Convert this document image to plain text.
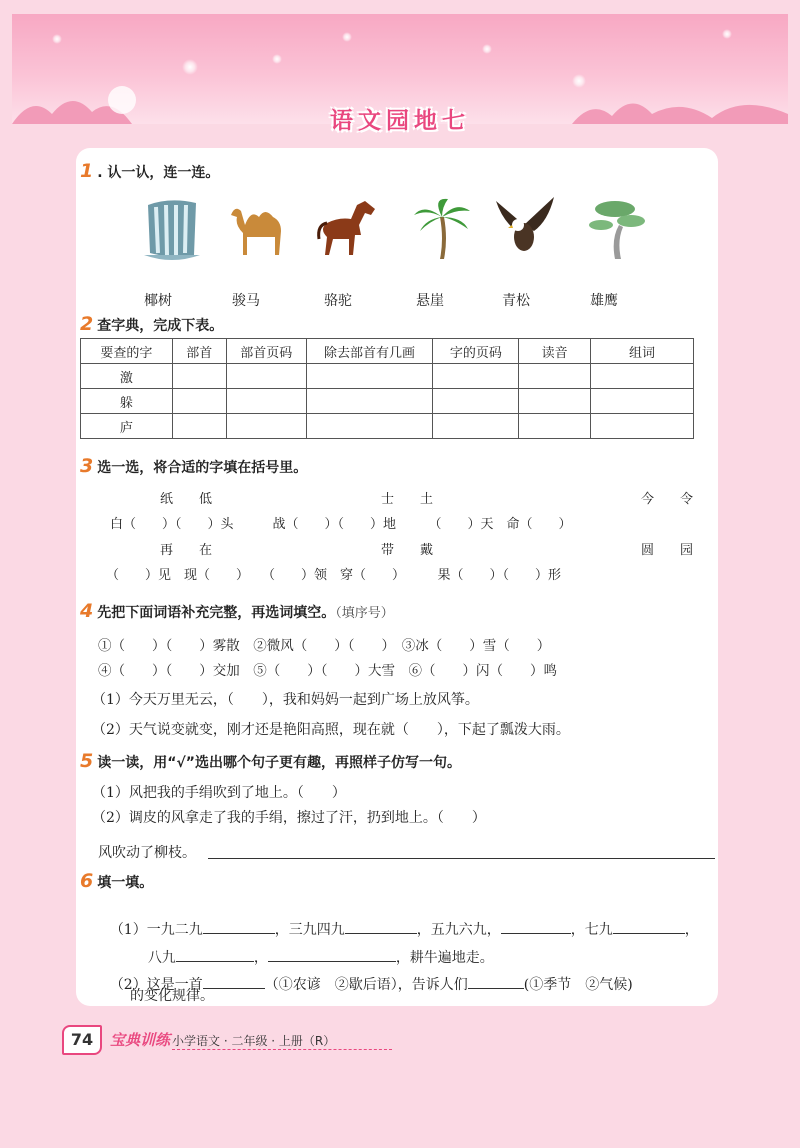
语文园地七
1 . 认一认，连一连。
椰树	骏马	骆驼	悬崖	青松	雄鹰
2 查字典，完成下表。
要查的字	部首	部首页码	除去部首有几画	字的页码	读音	组词
激						
躲						
庐						
3 选一选，将合适的字填在括号里。
纸　　低　　　　　　　　　　　　　士　　土　　　　　　　　　　　　　　　　今　　令
白（　　）（　　）头　　　战（　　）（　　）地　　　（　　）天　命（　　）
再　　在　　　　　　　　　　　　　带　　戴　　　　　　　　　　　　　　　　圆　　园
（　　）见　现（　　）　　（　　）领　穿（　　）　　　果（　　）（　　）形
4 先把下面词语补充完整，再选词填空。（填序号）
①（　　）（　　）雾散　②微风（　　）（　　）　③冰（　　）雪（　　）
④（　　）（　　）交加　⑤（　　）（　　）大雪　⑥（　　）闪（　　）鸣
（1）今天万里无云，（　　），我和妈妈一起到广场上放风筝。
（2）天气说变就变，刚才还是艳阳高照，现在就（　　），下起了瓢泼大雨。
5 读一读，用“√”选出哪个句子更有趣，再照样子仿写一句。
（1）风把我的手绢吹到了地上。（　　）
（2）调皮的风拿走了我的手绢，擦过了汗，扔到地上。（　　）
风吹动了柳枝。
6 填一填。

（1）一九二九	，三九四九	，五九六九，	，七九	，

八九	，	，耕牛遍地走。

（2）这是一首	（①农谚　②歇后语），告诉人们	(①季节　②气候)

的变化规律。
74	宝典训练 小学语文 · 二年级 · 上册（R）
